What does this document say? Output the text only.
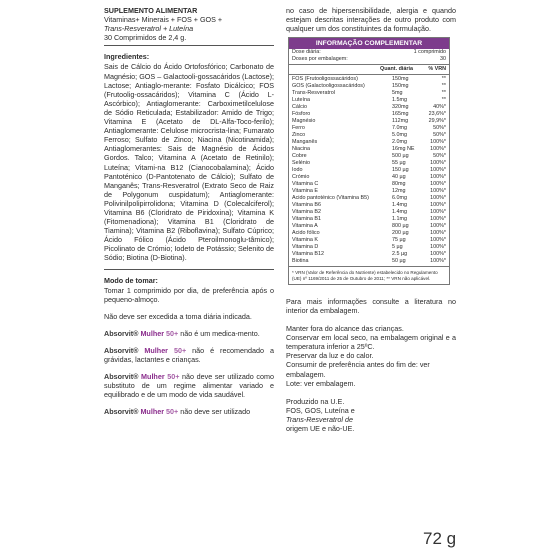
SUPLEMENTO ALIMENTAR
Vitaminas+ Minerais + FOS + GOS +
Trans-Resveratrol + Luteína
30 Comprimidos de 2,4 g.
Ingredientes:
Sais de Cálcio do Ácido Ortofosfórico; Carbonato de Magnésio; GOS – Galactooli-gossacáridos (Lactose); Lactose; Antiaglo-merante: Fosfato Dicálcico; FOS (Frutoolig-ossacáridos); Vitamina C (Ácido L-Ascórbico); Antiaglomerante: Carboximetilcelulose de Sódio Reticulada; Estabilizador: Amido de Trigo; Vitamina E (Acetato de DL-Alfa-Toco-ferilo); Antiaglomerante: Celulose microcrista-lina; Fumarato Ferroso; Sulfato de Zinco; Niacina (Nicotinamida); Antiaglomerantes: Sais de Magnésio de Ácidos Gordos. Talco; Vitamina A (Acetato de Retinilo); Luteína; Vitami-na B12 (Cianocobalamina); Ácido Pantoténico (D-Pantotenato de Cálcio); Sulfato de Manganês; Trans-Resveratrol (Extrato Seco de Raiz de Polygonum cuspidatum); Antiaglomerante: Polivinilpolipirrolidona; Vitamina D (Colecalciferol); Vitamina B6 (Cloridrato de Piridoxina); Vitamina K (Fitomenadiona); Vitamina B1 (Cloridrato de Tiamina); Vitamina B2 (Riboflavina); Sulfato Cúprico; Ácido Fólico (Ácido Pteroilmonoglu-tâmico); Picolinato de Crómio; Iodeto de Potássio; Selenito de Sódio; Biotina (D-Biotina).
Modo de tomar:
Tomar 1 comprimido por dia, de preferência após o pequeno-almoço.
Não deve ser excedida a toma diária indicada.
Absorvit® Mulher 50+ não é um medica-mento.
Absorvit® Mulher 50+ não é recomendado a grávidas, lactantes e crianças.
Absorvit® Mulher 50+ não deve ser utilizado como substituto de um regime alimentar variado e equilibrado e de um modo de vida saudável.
Absorvit® Mulher 50+ não deve ser utilizado
no caso de hipersensibilidade, alergia e quando estejam descritas interações de outro produto com qualquer um dos constituintes da formulação.
INFORMAÇÃO COMPLEMENTAR
Dose diária:	1 comprimido
Doses por embalagem:	30
Quant. diária	% VRN
FOS (Frutooligossacáridos)	150mg	**
GOS (Galactooligossacáridos)	150mg	**
Trans-Resveratrol	5mg	**
Luteína	1.5mg	**
Cálcio	320mg	40%*
Fósforo	165mg	23,6%*
Magnésio	112mg	29,9%*
Ferro	7.0mg	50%*
Zinco	5.0mg	50%*
Manganês	2.0mg	100%*
Niacina	16mg NE	100%*
Cobre	500 µg	50%*
Selénio	55 µg	100%*
Iodo	150 µg	100%*
Crómio	40 µg	100%*
Vitamina C	80mg	100%*
Vitamina E	12mg	100%*
Ácido pantoténico (Vitamina B5)	6.0mg	100%*
Vitamina B6	1.4mg	100%*
Vitamina B2	1.4mg	100%*
Vitamina B1	1.1mg	100%*
Vitamina A	800 µg	100%*
Ácido fólico	200 µg	100%*
Vitamina K	75 µg	100%*
Vitamina D	5 µg	100%*
Vitamina B12	2.5 µg	100%*
Biotina	50 µg	100%*
* VRN (Valor de Referência do Nutriente) estabelecido no Regulamento (UE) nº 1169/2011 de 25 de Outubro de 2011; ** VRN não aplicável.
Para mais informações consulte a literatura no interior da embalagem.
Manter fora do alcance das crianças.
Conservar em local seco, na embalagem original e a temperatura inferior a 25ºC.
Preservar da luz e do calor.
Consumir de preferência antes do fim de: ver embalagem.
Lote: ver embalagem.
Produzido na U.E.
FOS, GOS, Luteína e
Trans-Resveratrol de
origem UE e não-UE.
72 g
